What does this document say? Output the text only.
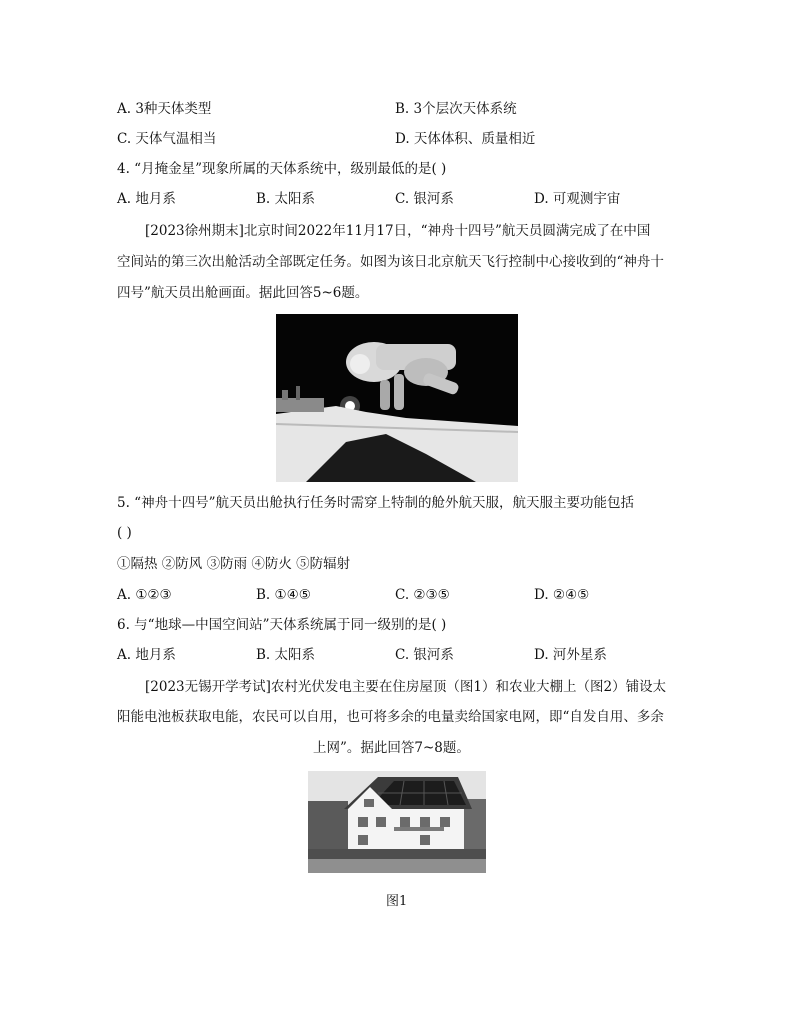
A. 3种天体类型	B. 3个层次天体系统
C. 天体气温相当	D. 天体体积、质量相近
4. “月掩金星”现象所属的天体系统中，级别最低的是( )
A. 地月系	B. 太阳系	C. 银河系	D. 可观测宇宙
[2023徐州期末]北京时间2022年11月17日，“神舟十四号”航天员圆满完成了在中国
空间站的第三次出舱活动全部既定任务。如图为该日北京航天飞行控制中心接收到的“神舟十
四号”航天员出舱画面。据此回答5~6题。
5. “神舟十四号”航天员出舱执行任务时需穿上特制的舱外航天服，航天服主要功能包括
( )
①隔热 ②防风 ③防雨 ④防火 ⑤防辐射
A. ①②③	B. ①④⑤	C. ②③⑤	D. ②④⑤
6. 与“地球—中国空间站”天体系统属于同一级别的是( )
A. 地月系	B. 太阳系	C. 银河系	D. 河外星系
[2023无锡开学考试]农村光伏发电主要在住房屋顶（图1）和农业大棚上（图2）铺设太
阳能电池板获取电能，农民可以自用，也可将多余的电量卖给国家电网，即“自发自用、多余
上网”。据此回答7~8题。
图1
